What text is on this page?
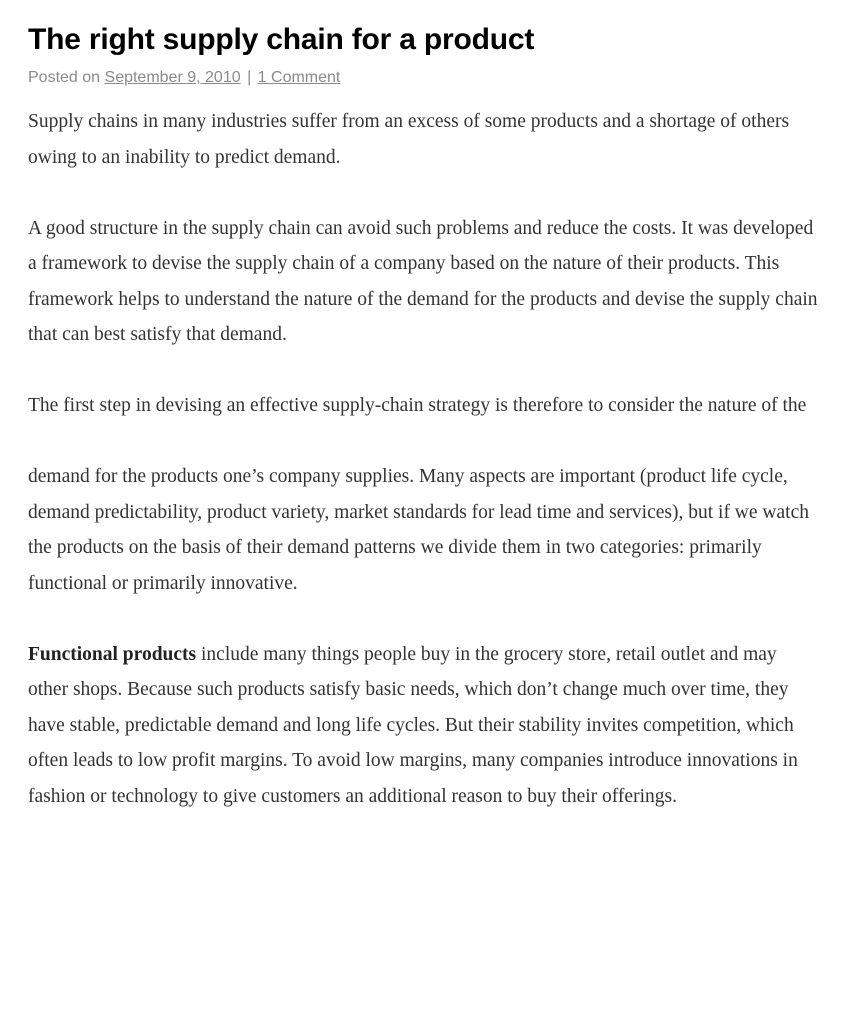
The right supply chain for a product
Posted on September 9, 2010 | 1 Comment

Supply chains in many industries suffer from an excess of some products and a shortage of others owing to an inability to predict demand.

A good structure in the supply chain can avoid such problems and reduce the costs. It was developed a framework to devise the supply chain of a company based on the nature of their products. This framework helps to understand the nature of the demand for the products and devise the supply chain that can best satisfy that demand.

The first step in devising an effective supply-chain strategy is therefore to consider the nature of the

demand for the products one’s company supplies. Many aspects are important (product life cycle, demand predictability, product variety, market standards for lead time and services), but if we watch the products on the basis of their demand patterns we divide them in two categories: primarily functional or primarily innovative.

Functional products include many things people buy in the grocery store, retail outlet and may other shops. Because such products satisfy basic needs, which don’t change much over time, they have stable, predictable demand and long life cycles. But their stability invites competition, which often leads to low profit margins. To avoid low margins, many companies introduce innovations in fashion or technology to give customers an additional reason to buy their offerings.
